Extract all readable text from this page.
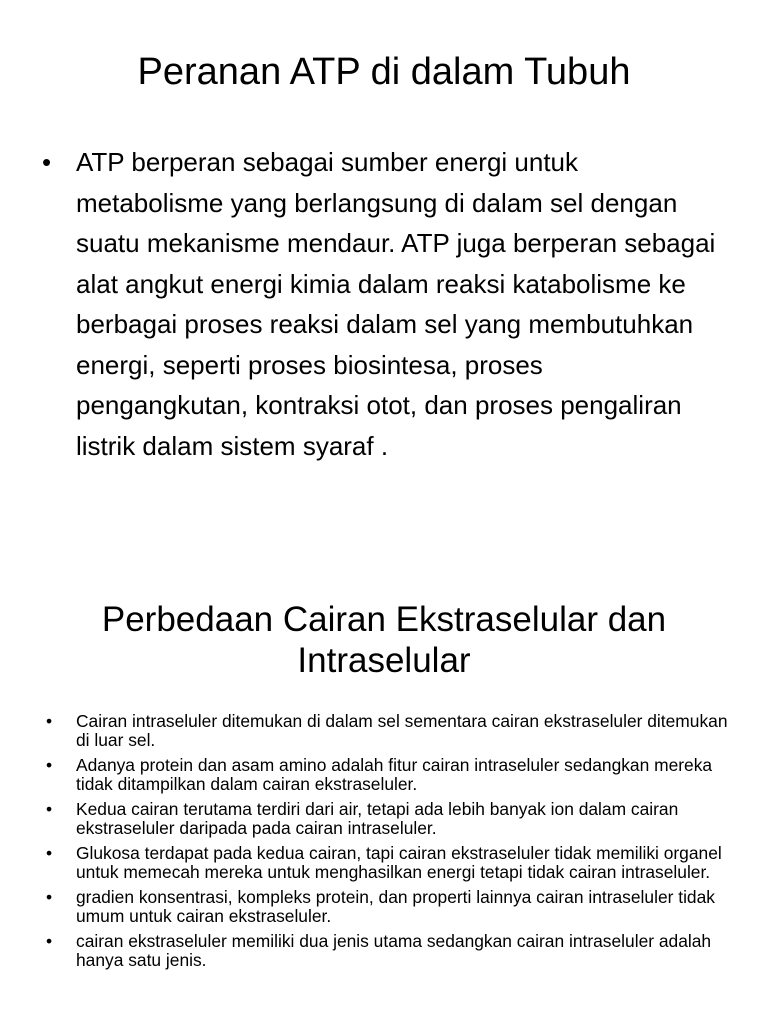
Peranan ATP di dalam Tubuh
• ATP berperan sebagai sumber energi untuk metabolisme yang berlangsung di dalam sel dengan suatu mekanisme mendaur. ATP juga berperan sebagai alat angkut energi kimia dalam reaksi katabolisme ke berbagai proses reaksi dalam sel yang membutuhkan energi, seperti proses biosintesa, proses pengangkutan, kontraksi otot, dan proses pengaliran listrik dalam sistem syaraf .
Perbedaan Cairan Ekstraselular dan Intraselular
• Cairan intraseluler ditemukan di dalam sel sementara cairan ekstraseluler ditemukan di luar sel.
• Adanya protein dan asam amino adalah fitur cairan intraseluler sedangkan mereka tidak ditampilkan dalam cairan ekstraseluler.
• Kedua cairan terutama terdiri dari air, tetapi ada lebih banyak ion dalam cairan ekstraseluler daripada pada cairan intraseluler.
• Glukosa terdapat pada kedua cairan, tapi cairan ekstraseluler tidak memiliki organel untuk memecah mereka untuk menghasilkan energi tetapi tidak cairan intraseluler.
• gradien konsentrasi, kompleks protein, dan properti lainnya cairan intraseluler tidak umum untuk cairan ekstraseluler.
• cairan ekstraseluler memiliki dua jenis utama sedangkan cairan intraseluler adalah hanya satu jenis.
